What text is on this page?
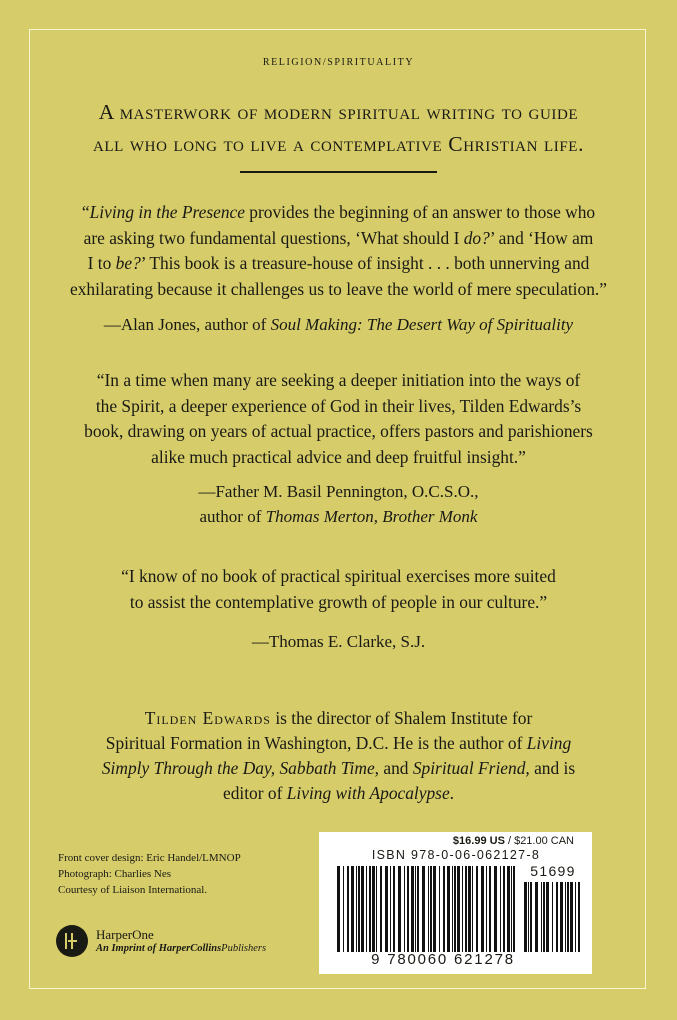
RELIGION/SPIRITUALITY
A masterwork of modern spiritual writing to guide
all who long to live a contemplative Christian life.
“Living in the Presence provides the beginning of an answer to those who
are asking two fundamental questions, ‘What should I do?’ and ‘How am
I to be?’ This book is a treasure-house of insight . . . both unnerving and
exhilarating because it challenges us to leave the world of mere speculation.”
—Alan Jones, author of Soul Making: The Desert Way of Spirituality
“In a time when many are seeking a deeper initiation into the ways of
the Spirit, a deeper experience of God in their lives, Tilden Edwards’s
book, drawing on years of actual practice, offers pastors and parishioners
alike much practical advice and deep fruitful insight.”
—Father M. Basil Pennington, O.C.S.O.,
author of Thomas Merton, Brother Monk
“I know of no book of practical spiritual exercises more suited
to assist the contemplative growth of people in our culture.”
—Thomas E. Clarke, S.J.
Tilden Edwards is the director of Shalem Institute for
Spiritual Formation in Washington, D.C. He is the author of Living
Simply Through the Day, Sabbath Time, and Spiritual Friend, and is
editor of Living with Apocalypse.
Front cover design: Eric Handel/LMNOP
Photograph: Charlies Nes
Courtesy of Liaison International.
HarperOne
An Imprint of HarperCollinsPublishers
$16.99 US / $21.00 CAN
ISBN 978-0-06-062127-8
51699
9 780060 621278
